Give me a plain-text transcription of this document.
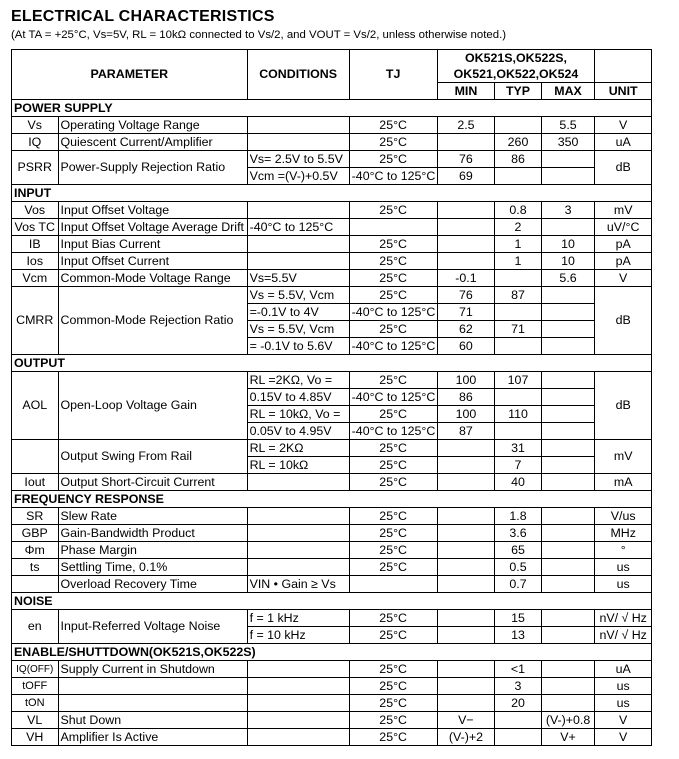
ELECTRICAL CHARACTERISTICS
(At TA = +25°C, Vs=5V, RL = 10kΩ connected to Vs/2, and VOUT = Vs/2, unless otherwise noted.)
PARAMETER		CONDITIONS	TJ	OK521S,OK522S, OK521,OK522,OK524			
				MIN	TYP	MAX	UNIT
POWER SUPPLY							
Vs	Operating Voltage Range		25°C	2.5		5.5	V
IQ	Quiescent Current/Amplifier		25°C		260	350	uA
PSRR	Power-Supply Rejection Ratio	Vs= 2.5V to 5.5V	25°C	76	86		dB
		Vcm =(V-)+0.5V	-40°C to 125°C	69			
INPUT							
Vos	Input Offset Voltage		25°C		0.8	3	mV
Vos TC	Input Offset Voltage Average Drift	-40°C to 125°C			2		uV/°C
IB	Input Bias Current		25°C		1	10	pA
Ios	Input Offset Current		25°C		1	10	pA
Vcm	Common-Mode Voltage Range	Vs=5.5V	25°C	-0.1		5.6	V
CMRR	Common-Mode Rejection Ratio	Vs = 5.5V, Vcm	25°C	76	87		dB
		=-0.1V to 4V	-40°C to 125°C	71			
		Vs = 5.5V, Vcm	25°C	62	71		
		= -0.1V to 5.6V	-40°C to 125°C	60			
OUTPUT							
AOL	Open-Loop Voltage Gain	RL =2KΩ, Vo =	25°C	100	107		dB
		0.15V to 4.85V	-40°C to 125°C	86			
		RL = 10kΩ, Vo =	25°C	100	110		
		0.05V to 4.95V	-40°C to 125°C	87			
	Output Swing From Rail	RL = 2KΩ	25°C		31		mV
		RL = 10kΩ	25°C		7		
Iout	Output Short-Circuit Current		25°C		40		mA
FREQUENCY RESPONSE							
SR	Slew Rate		25°C		1.8		V/us
GBP	Gain-Bandwidth Product		25°C		3.6		MHz
Φm	Phase Margin		25°C		65		°
ts	Settling Time, 0.1%		25°C		0.5		us
	Overload Recovery Time	VIN • Gain ≥ Vs			0.7		us
NOISE							
en	Input-Referred Voltage Noise	f = 1 kHz	25°C		15		nV/ √ Hz
		f = 10 kHz	25°C		13		nV/ √ Hz
ENABLE/SHUTTDOWN(OK521S,OK522S)							
IQ(OFF)	Supply Current in Shutdown		25°C		<1		uA
tOFF			25°C		3		us
tON			25°C		20		us
VL	Shut Down		25°C	V−		(V-)+0.8	V
VH	Amplifier Is Active		25°C	(V-)+2		V+	V
